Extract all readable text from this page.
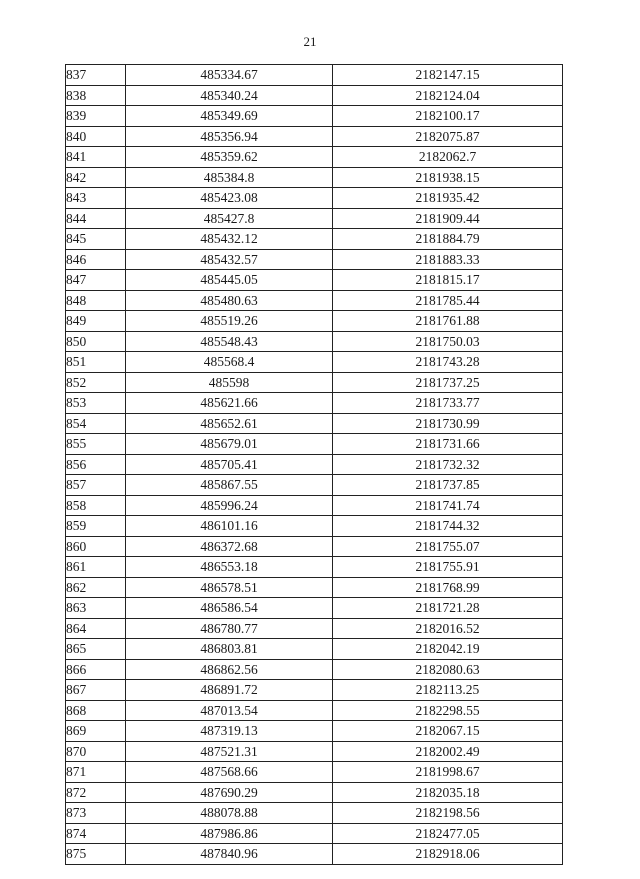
21
837	485334.67	2182147.15
838	485340.24	2182124.04
839	485349.69	2182100.17
840	485356.94	2182075.87
841	485359.62	2182062.7
842	485384.8	2181938.15
843	485423.08	2181935.42
844	485427.8	2181909.44
845	485432.12	2181884.79
846	485432.57	2181883.33
847	485445.05	2181815.17
848	485480.63	2181785.44
849	485519.26	2181761.88
850	485548.43	2181750.03
851	485568.4	2181743.28
852	485598	2181737.25
853	485621.66	2181733.77
854	485652.61	2181730.99
855	485679.01	2181731.66
856	485705.41	2181732.32
857	485867.55	2181737.85
858	485996.24	2181741.74
859	486101.16	2181744.32
860	486372.68	2181755.07
861	486553.18	2181755.91
862	486578.51	2181768.99
863	486586.54	2181721.28
864	486780.77	2182016.52
865	486803.81	2182042.19
866	486862.56	2182080.63
867	486891.72	2182113.25
868	487013.54	2182298.55
869	487319.13	2182067.15
870	487521.31	2182002.49
871	487568.66	2181998.67
872	487690.29	2182035.18
873	488078.88	2182198.56
874	487986.86	2182477.05
875	487840.96	2182918.06
